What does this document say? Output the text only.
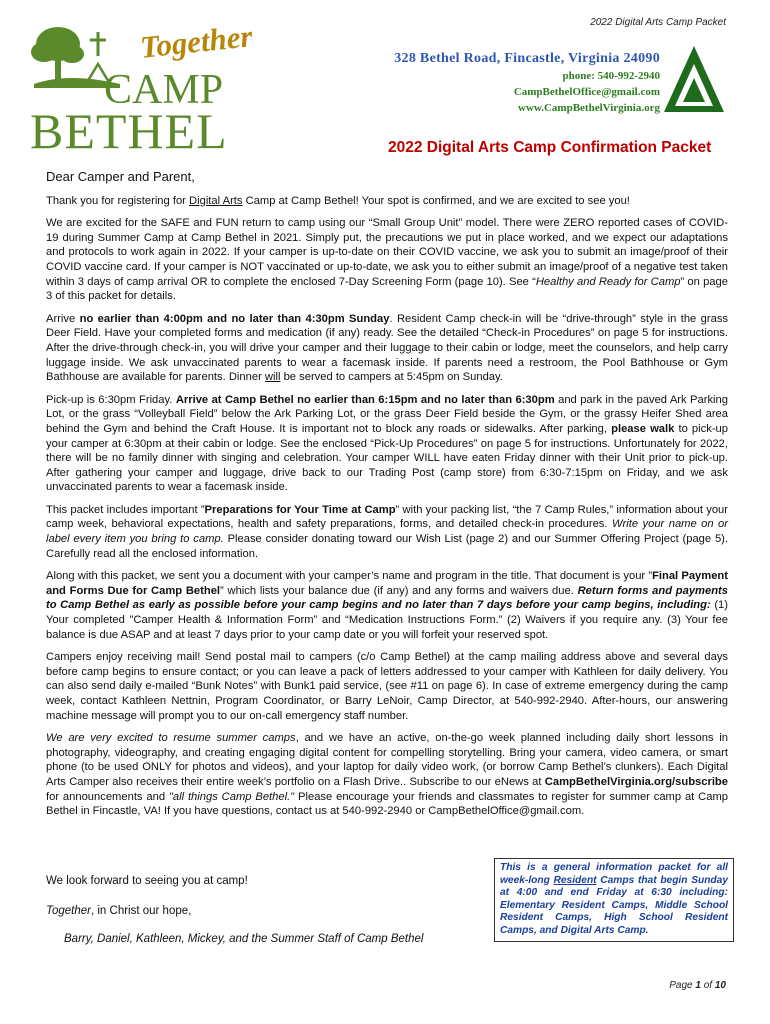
2022 Digital Arts Camp Packet
Together
CAMP
BETHEL
328 Bethel Road, Fincastle, Virginia 24090
phone: 540-992-2940
CampBethelOffice@gmail.com
www.CampBethelVirginia.org
2022 Digital Arts Camp Confirmation Packet

Dear Camper and Parent,

Thank you for registering for Digital Arts Camp at Camp Bethel! Your spot is confirmed, and we are excited to see you!

We are excited for the SAFE and FUN return to camp using our “Small Group Unit” model. There were ZERO reported cases of COVID-19 during Summer Camp at Camp Bethel in 2021. Simply put, the precautions we put in place worked, and we expect our adaptations and protocols to work again in 2022. If your camper is up-to-date on their COVID vaccine, we ask you to submit an image/proof of their COVID vaccine card. If your camper is NOT vaccinated or up-to-date, we ask you to either submit an image/proof of a negative test taken within 3 days of camp arrival OR to complete the enclosed 7-Day Screening Form (page 10). See “Healthy and Ready for Camp” on page 3 of this packet for details.

Arrive no earlier than 4:00pm and no later than 4:30pm Sunday. Resident Camp check-in will be “drive-through” style in the grass Deer Field. Have your completed forms and medication (if any) ready. See the detailed “Check-in Procedures” on page 5 for instructions. After the drive-through check-in, you will drive your camper and their luggage to their cabin or lodge, meet the counselors, and help carry luggage inside. We ask unvaccinated parents to wear a facemask inside. If parents need a restroom, the Pool Bathhouse or Gym Bathhouse are available for parents. Dinner will be served to campers at 5:45pm on Sunday.

Pick-up is 6:30pm Friday. Arrive at Camp Bethel no earlier than 6:15pm and no later than 6:30pm and park in the paved Ark Parking Lot, or the grass “Volleyball Field” below the Ark Parking Lot, or the grass Deer Field beside the Gym, or the grassy Heifer Shed area behind the Gym and behind the Craft House. It is important not to block any roads or sidewalks. After parking, please walk to pick-up your camper at 6:30pm at their cabin or lodge. See the enclosed “Pick-Up Procedures” on page 5 for instructions. Unfortunately for 2022, there will be no family dinner with singing and celebration. Your camper WILL have eaten Friday dinner with their Unit prior to pick-up. After gathering your camper and luggage, drive back to our Trading Post (camp store) from 6:30-7:15pm on Friday, and we ask unvaccinated parents to wear a facemask inside.

This packet includes important ”Preparations for Your Time at Camp” with your packing list, “the 7 Camp Rules,” information about your camp week, behavioral expectations, health and safety preparations, forms, and detailed check-in procedures. Write your name on or label every item you bring to camp. Please consider donating toward our Wish List (page 2) and our Summer Offering Project (page 5). Carefully read all the enclosed information.

Along with this packet, we sent you a document with your camper’s name and program in the title. That document is your ”Final Payment and Forms Due for Camp Bethel” which lists your balance due (if any) and any forms and waivers due. Return forms and payments to Camp Bethel as early as possible before your camp begins and no later than 7 days before your camp begins, including: (1) Your completed "Camper Health & Information Form” and “Medication Instructions Form.” (2) Waivers if you require any. (3) Your fee balance is due ASAP and at least 7 days prior to your camp date or you will forfeit your reserved spot.

Campers enjoy receiving mail! Send postal mail to campers (c/o Camp Bethel) at the camp mailing address above and several days before camp begins to ensure contact; or you can leave a pack of letters addressed to your camper with Kathleen for daily delivery. You can also send daily e-mailed “Bunk Notes” with Bunk1 paid service, (see #11 on page 6). In case of extreme emergency during the camp week, contact Kathleen Nettnin, Program Coordinator, or Barry LeNoir, Camp Director, at 540-992-2940. After-hours, our answering machine message will prompt you to our on-call emergency staff number.

We are very excited to resume summer camps, and we have an active, on-the-go week planned including daily short lessons in photography, videography, and creating engaging digital content for compelling storytelling. Bring your camera, video camera, or smart phone (to be used ONLY for photos and videos), and your laptop for daily video work, (or borrow Camp Bethel’s clunkers). Each Digital Arts Camper also receives their entire week’s portfolio on a Flash Drive.. Subscribe to our eNews at CampBethelVirginia.org/subscribe for announcements and "all things Camp Bethel." Please encourage your friends and classmates to register for summer camp at Camp Bethel in Fincastle, VA! If you have questions, contact us at 540-992-2940 or CampBethelOffice@gmail.com.

We look forward to seeing you at camp!
Together, in Christ our hope,
Barry, Daniel, Kathleen, Mickey, and the Summer Staff of Camp Bethel
This is a general information packet for all week-long Resident Camps that begin Sunday at 4:00 and end Friday at 6:30 including: Elementary Resident Camps, Middle School Resident Camps, High School Resident Camps, and Digital Arts Camp.
Page 1 of 10
